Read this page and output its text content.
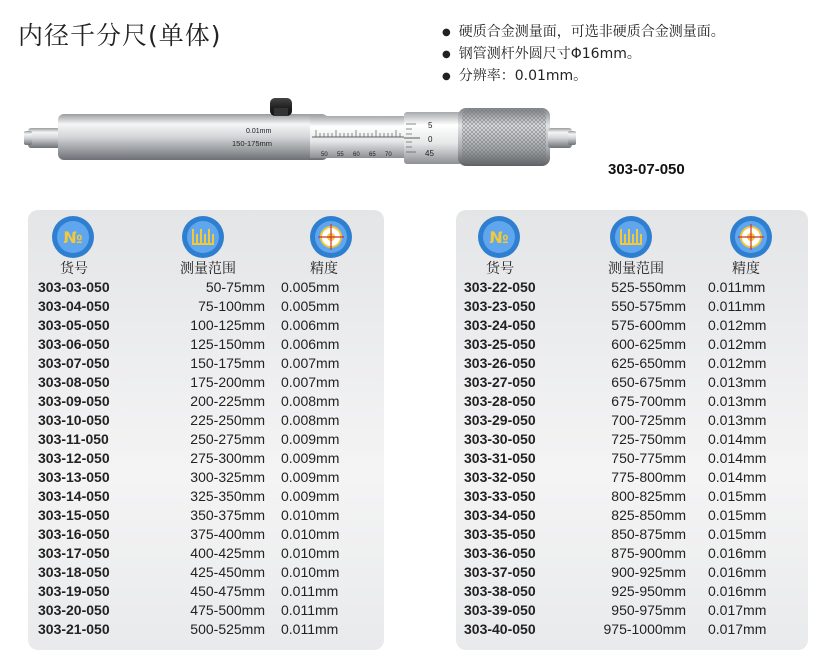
内径千分尺(单体)	● 硬质合金测量面，可选非硬质合金测量面。
● 钢管测杆外圆尺寸Φ16mm。
● 分辨率：0.01mm。
0.01mm
150-175mm
50 55 60 65 70
5
0
45
303-07-050
№
货号	测量范围	精度
303-03-050	50-75mm	0.005mm
303-04-050	75-100mm	0.005mm
303-05-050	100-125mm	0.006mm
303-06-050	125-150mm	0.006mm
303-07-050	150-175mm	0.007mm
303-08-050	175-200mm	0.007mm
303-09-050	200-225mm	0.008mm
303-10-050	225-250mm	0.008mm
303-11-050	250-275mm	0.009mm
303-12-050	275-300mm	0.009mm
303-13-050	300-325mm	0.009mm
303-14-050	325-350mm	0.009mm
303-15-050	350-375mm	0.010mm
303-16-050	375-400mm	0.010mm
303-17-050	400-425mm	0.010mm
303-18-050	425-450mm	0.010mm
303-19-050	450-475mm	0.011mm
303-20-050	475-500mm	0.011mm
303-21-050	500-525mm	0.011mm
№
货号	测量范围	精度
303-22-050	525-550mm	0.011mm
303-23-050	550-575mm	0.011mm
303-24-050	575-600mm	0.012mm
303-25-050	600-625mm	0.012mm
303-26-050	625-650mm	0.012mm
303-27-050	650-675mm	0.013mm
303-28-050	675-700mm	0.013mm
303-29-050	700-725mm	0.013mm
303-30-050	725-750mm	0.014mm
303-31-050	750-775mm	0.014mm
303-32-050	775-800mm	0.014mm
303-33-050	800-825mm	0.015mm
303-34-050	825-850mm	0.015mm
303-35-050	850-875mm	0.015mm
303-36-050	875-900mm	0.016mm
303-37-050	900-925mm	0.016mm
303-38-050	925-950mm	0.016mm
303-39-050	950-975mm	0.017mm
303-40-050	975-1000mm	0.017mm
